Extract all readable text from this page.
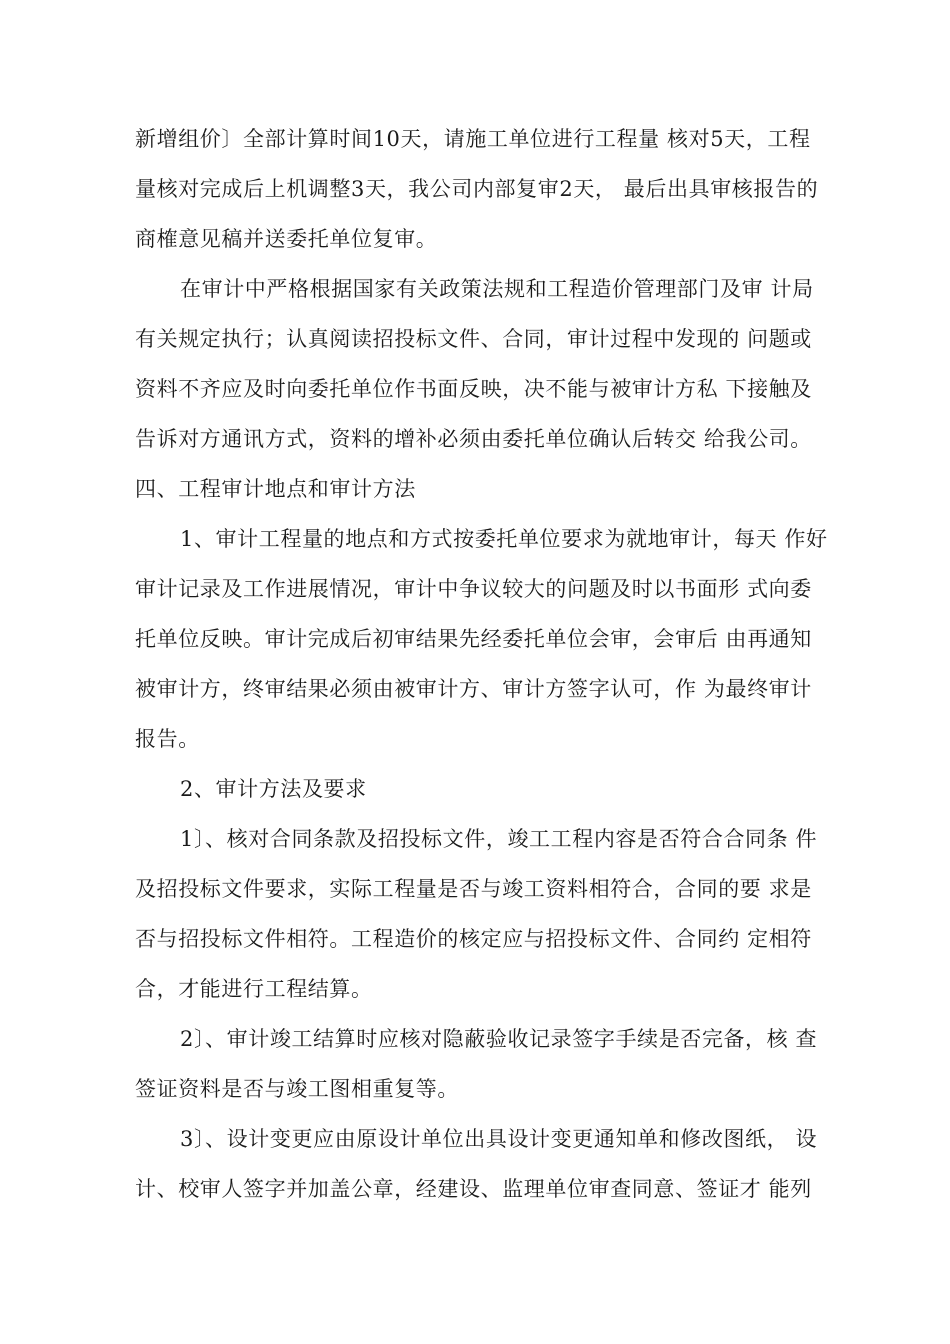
新增组价〕全部计算时间10天，请施工单位进行工程量 核对5天，工程
量核对完成后上机调整3天，我公司内部复审2天， 最后出具审核报告的
商榷意见稿并送委托单位复审。
在审计中严格根据国家有关政策法规和工程造价管理部门及审 计局
有关规定执行；认真阅读招投标文件、合同，审计过程中发现的 问题或
资料不齐应及时向委托单位作书面反映，决不能与被审计方私 下接触及
告诉对方通讯方式，资料的增补必须由委托单位确认后转交 给我公司。
四、工程审计地点和审计方法
1、审计工程量的地点和方式按委托单位要求为就地审计，每天 作好
审计记录及工作进展情况，审计中争议较大的问题及时以书面形 式向委
托单位反映。审计完成后初审结果先经委托单位会审，会审后 由再通知
被审计方，终审结果必须由被审计方、审计方签字认可，作 为最终审计
报告。
2、审计方法及要求
1〕、核对合同条款及招投标文件，竣工工程内容是否符合合同条 件
及招投标文件要求，实际工程量是否与竣工资料相符合，合同的要 求是
否与招投标文件相符。工程造价的核定应与招投标文件、合同约 定相符
合，才能进行工程结算。
2〕、审计竣工结算时应核对隐蔽验收记录签字手续是否完备，核 查
签证资料是否与竣工图相重复等。
3〕、设计变更应由原设计单位出具设计变更通知单和修改图纸， 设
计、校审人签字并加盖公章，经建设、监理单位审查同意、签证才 能列
